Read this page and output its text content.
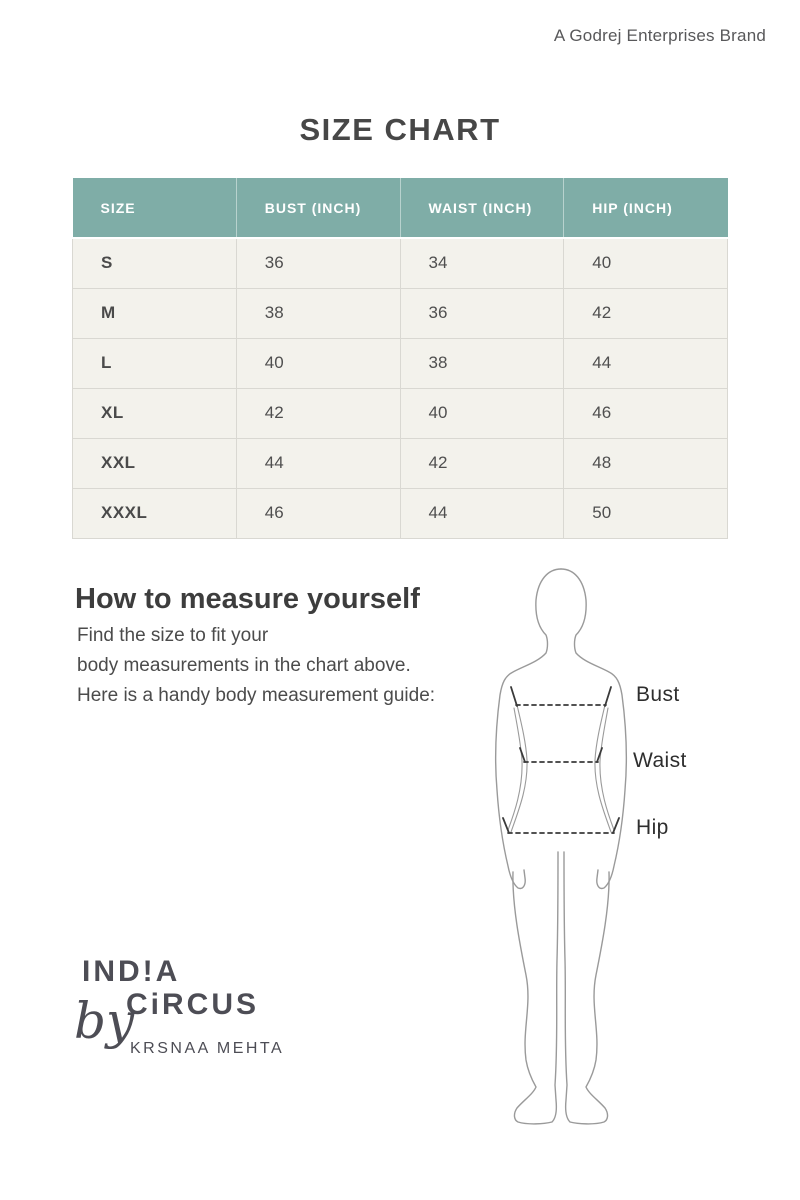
A Godrej Enterprises Brand
SIZE CHART
SIZE	BUST (INCH)	WAIST (INCH)	HIP (INCH)
S	36	34	40
M	38	36	42
L	40	38	44
XL	42	40	46
XXL	44	42	48
XXXL	46	44	50
How to measure yourself
Find the size to fit your
body measurements in the chart above.
Here is a handy body measurement guide:	Bust
Waist
Hip
IND!A
CiRCUS
by
KRSNAA MEHTA
